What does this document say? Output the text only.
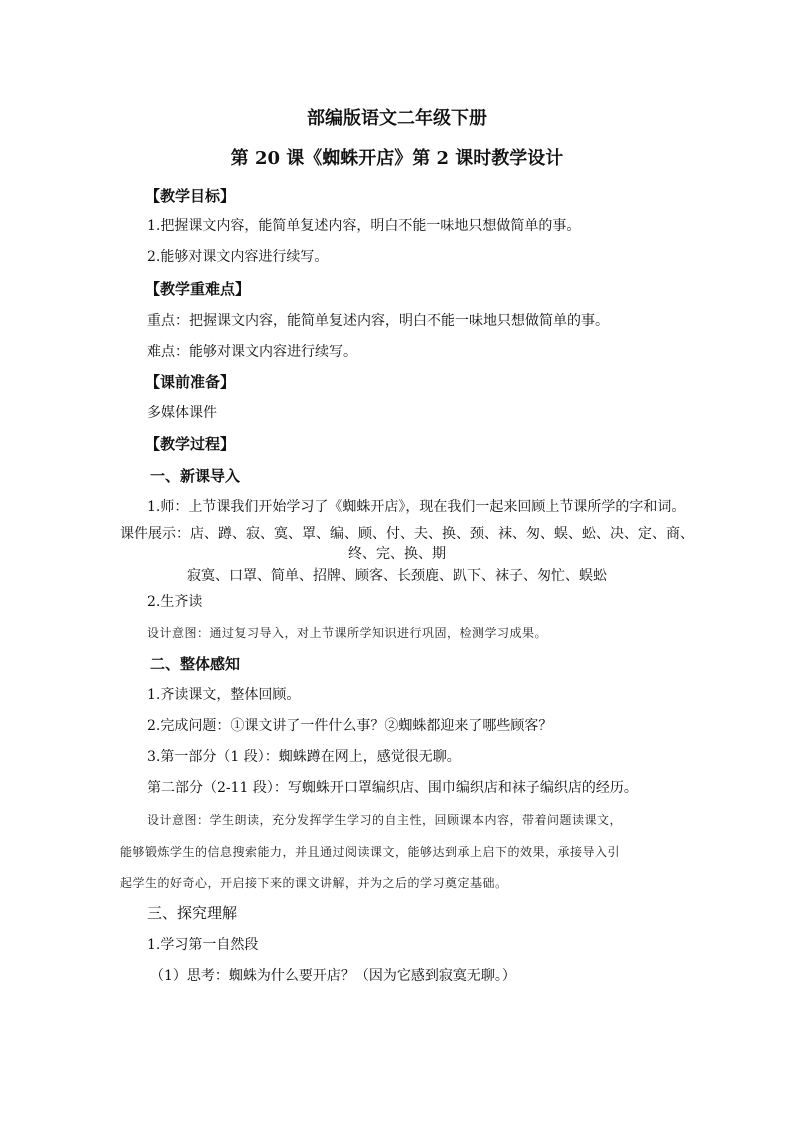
部编版语文二年级下册
第 20 课《蜘蛛开店》第 2 课时教学设计
【教学目标】
1.把握课文内容，能简单复述内容，明白不能一味地只想做简单的事。
2.能够对课文内容进行续写。
【教学重难点】
重点：把握课文内容，能简单复述内容，明白不能一味地只想做简单的事。
难点：能够对课文内容进行续写。
【课前准备】
多媒体课件
【教学过程】
一、新课导入
1.师：上节课我们开始学习了《蜘蛛开店》，现在我们一起来回顾上节课所学的字和词。
课件展示：店、蹲、寂、寞、罩、编、顾、付、夫、换、颈、袜、匆、蜈、蚣、决、定、商、
终、完、换、期
寂寞、口罩、简单、招牌、顾客、长颈鹿、趴下、袜子、匆忙、蜈蚣
2.生齐读
设计意图：通过复习导入，对上节课所学知识进行巩固，检测学习成果。
二、整体感知
1.齐读课文，整体回顾。
2.完成问题：①课文讲了一件什么事？②蜘蛛都迎来了哪些顾客？
3.第一部分（1 段）：蜘蛛蹲在网上，感觉很无聊。
第二部分（2-11 段）：写蜘蛛开口罩编织店、围巾编织店和袜子编织店的经历。
设计意图：学生朗读，充分发挥学生学习的自主性，回顾课本内容，带着问题读课文，
能够锻炼学生的信息搜索能力，并且通过阅读课文，能够达到承上启下的效果，承接导入引
起学生的好奇心，开启接下来的课文讲解，并为之后的学习奠定基础。
三、探究理解
1.学习第一自然段
（1）思考：蜘蛛为什么要开店？（因为它感到寂寞无聊。）
